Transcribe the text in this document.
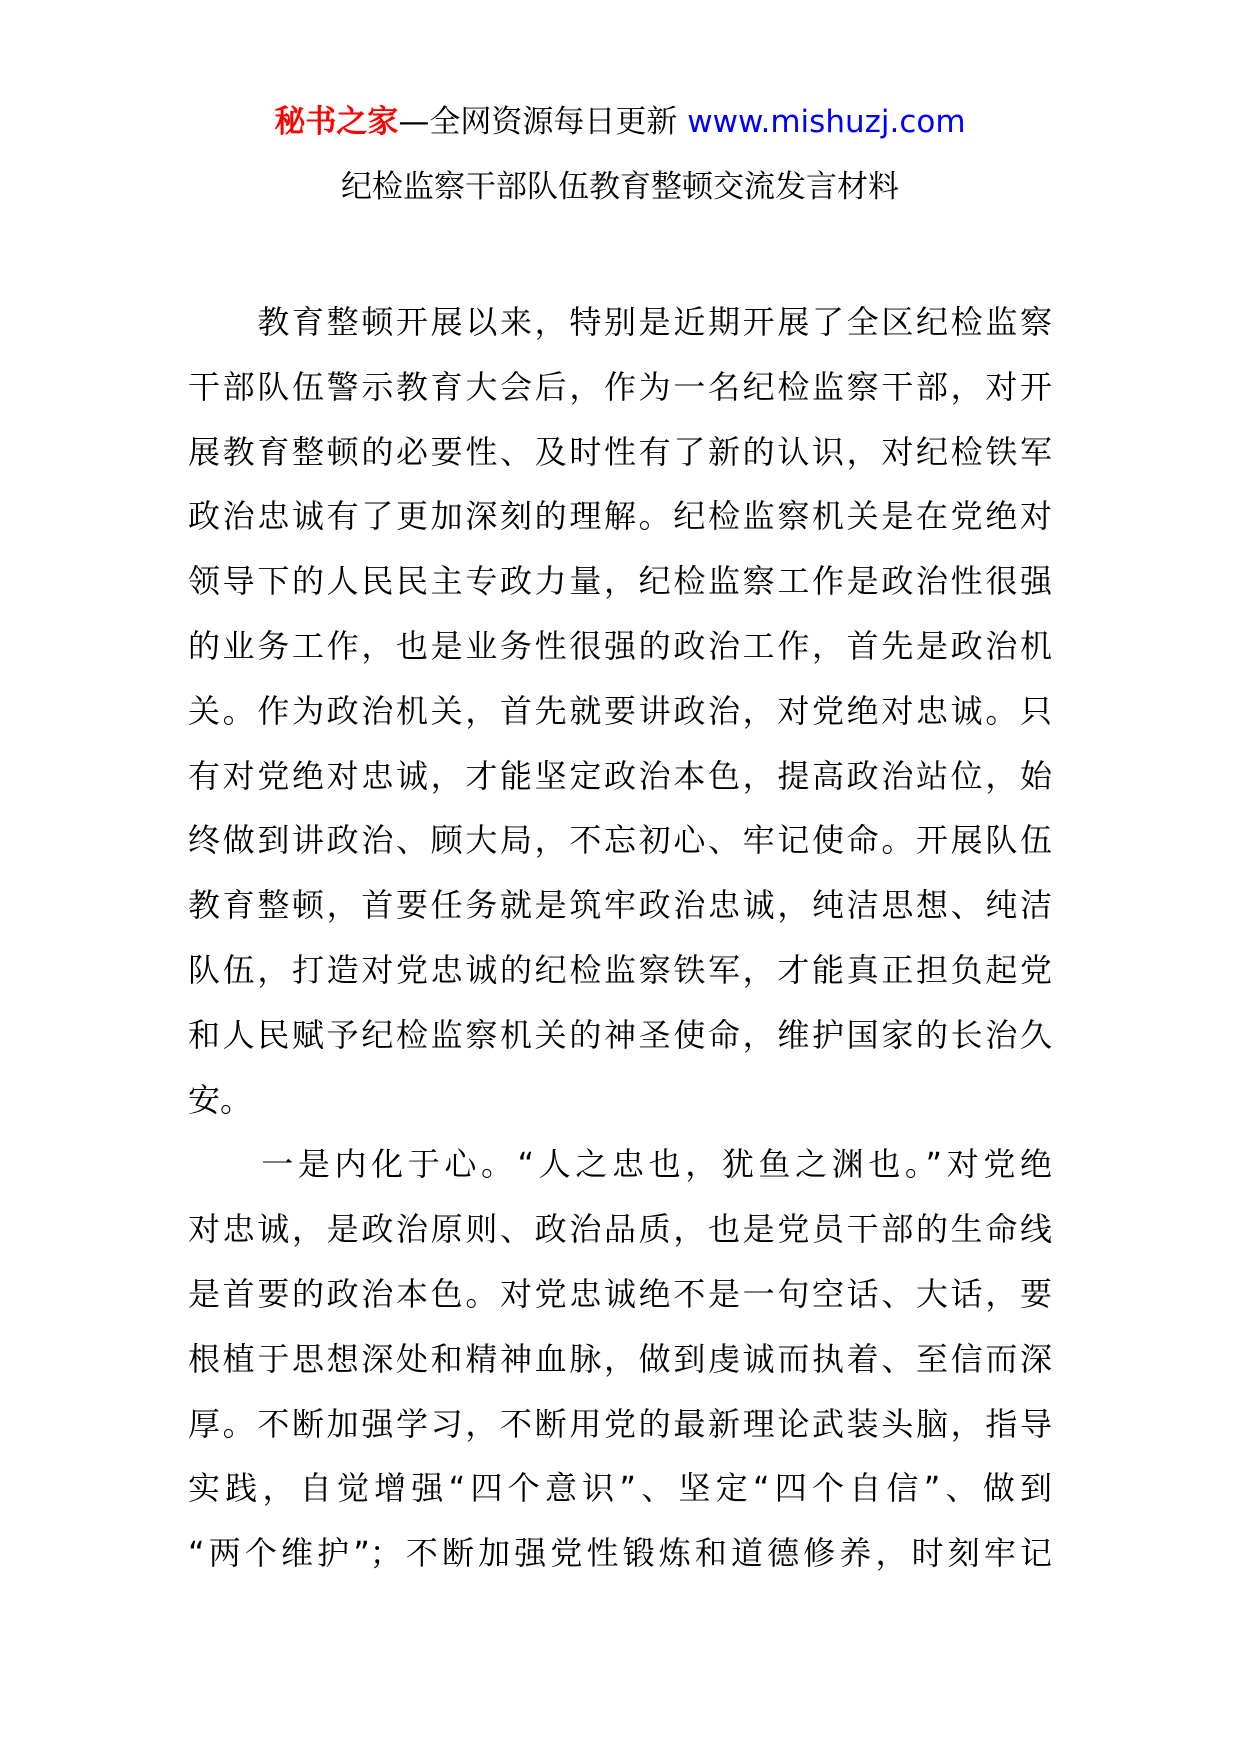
秘书之家—全网资源每日更新 www.mishuzj.com
纪检监察干部队伍教育整顿交流发言材料
　　教育整顿开展以来，特别是近期开展了全区纪检监察
干部队伍警示教育大会后，作为一名纪检监察干部，对开
展教育整顿的必要性、及时性有了新的认识，对纪检铁军
政治忠诚有了更加深刻的理解。纪检监察机关是在党绝对
领导下的人民民主专政力量，纪检监察工作是政治性很强
的业务工作，也是业务性很强的政治工作，首先是政治机
关。作为政治机关，首先就要讲政治，对党绝对忠诚。只
有对党绝对忠诚，才能坚定政治本色，提高政治站位，始
终做到讲政治、顾大局，不忘初心、牢记使命。开展队伍
教育整顿，首要任务就是筑牢政治忠诚，纯洁思想、纯洁
队伍，打造对党忠诚的纪检监察铁军，才能真正担负起党
和人民赋予纪检监察机关的神圣使命，维护国家的长治久
安。
　　一是内化于心。“人之忠也，犹鱼之渊也。”对党绝
对忠诚，是政治原则、政治品质，也是党员干部的生命线
是首要的政治本色。对党忠诚绝不是一句空话、大话，要
根植于思想深处和精神血脉，做到虔诚而执着、至信而深
厚。不断加强学习，不断用党的最新理论武装头脑，指导
实践，自觉增强“四个意识”、坚定“四个自信”、做到
“两个维护”；不断加强党性锻炼和道德修养，时刻牢记
